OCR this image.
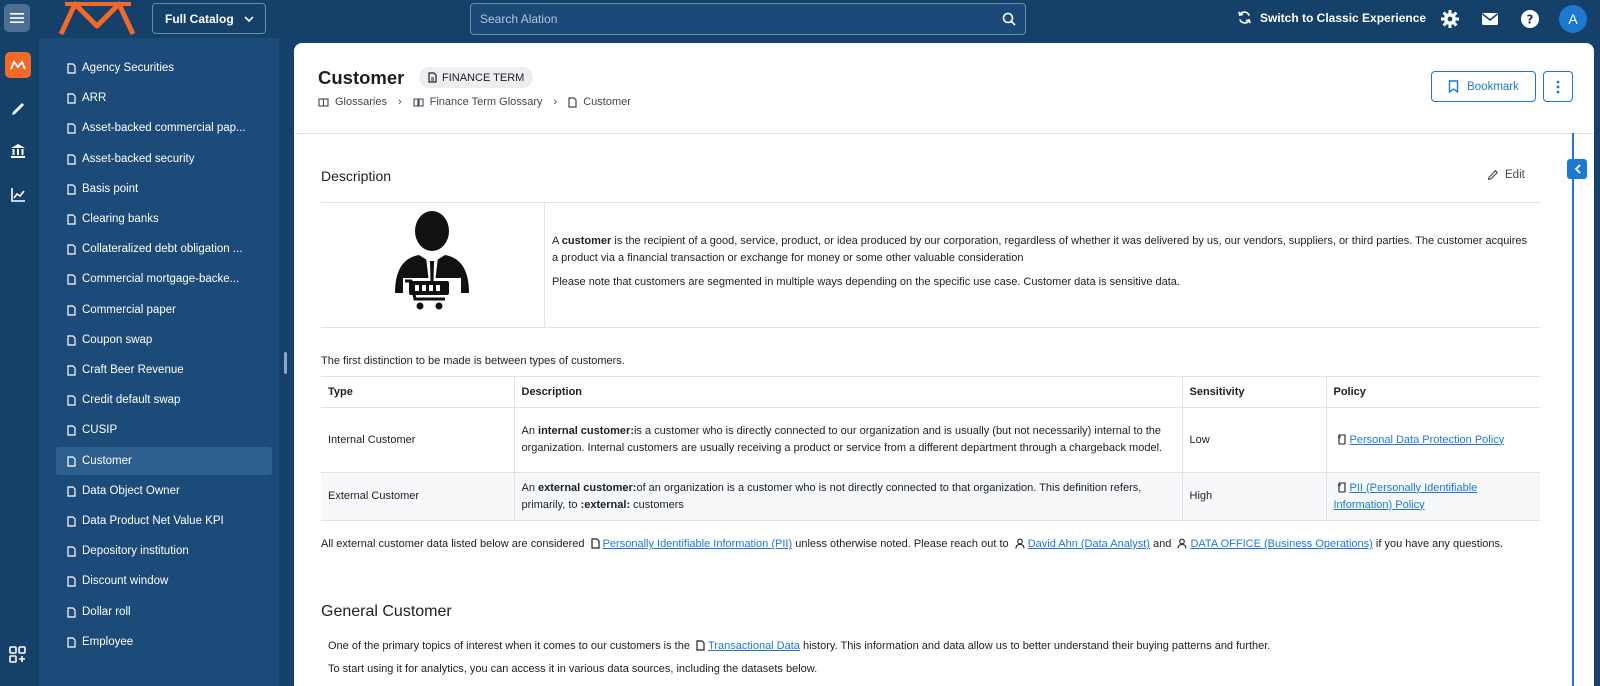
Full Catalog	Search Alation	Switch to Classic Experience	?	A
Agency Securities
ARR
Asset-backed commercial pap...
Asset-backed security
Basis point
Clearing banks
Collateralized debt obligation ...
Commercial mortgage-backe...
Commercial paper
Coupon swap
Craft Beer Revenue
Credit default swap
CUSIP
Customer
Data Object Owner
Data Product Net Value KPI
Depository institution
Discount window
Dollar roll
Employee
Customer	FINANCE TERM
Glossaries ›	Finance Term Glossary › Customer
Bookmark
Description	Edit

A customer is the recipient of a good, service, product, or idea produced by our corporation, regardless of whether it was delivered by us, our vendors, suppliers, or third parties. The customer acquires a product via a financial transaction or exchange for money or some other valuable consideration

Please note that customers are segmented in multiple ways depending on the specific use case. Customer data is sensitive data.

The first distinction to be made is between types of customers.
Type	Description	Sensitivity	Policy
Internal Customer	An internal customer:is a customer who is directly connected to our organization and is usually (but not necessarily) internal to the organization. Internal customers are usually receiving a product or service from a different department through a chargeback model.	Low	Personal Data Protection Policy
External Customer	An external customer:of an organization is a customer who is not directly connected to that organization. This definition refers, primarily, to :external: customers	High	PII (Personally Identifiable Information) Policy
All external customer data listed below are considered Personally Identifiable Information (PII) unless otherwise noted. Please reach out to David Ahn (Data Analyst) and DATA OFFICE (Business Operations) if you have any questions.
General Customer
One of the primary topics of interest when it comes to our customers is the Transactional Data history. This information and data allow us to better understand their buying patterns and further.
To start using it for analytics, you can access it in various data sources, including the datasets below.
